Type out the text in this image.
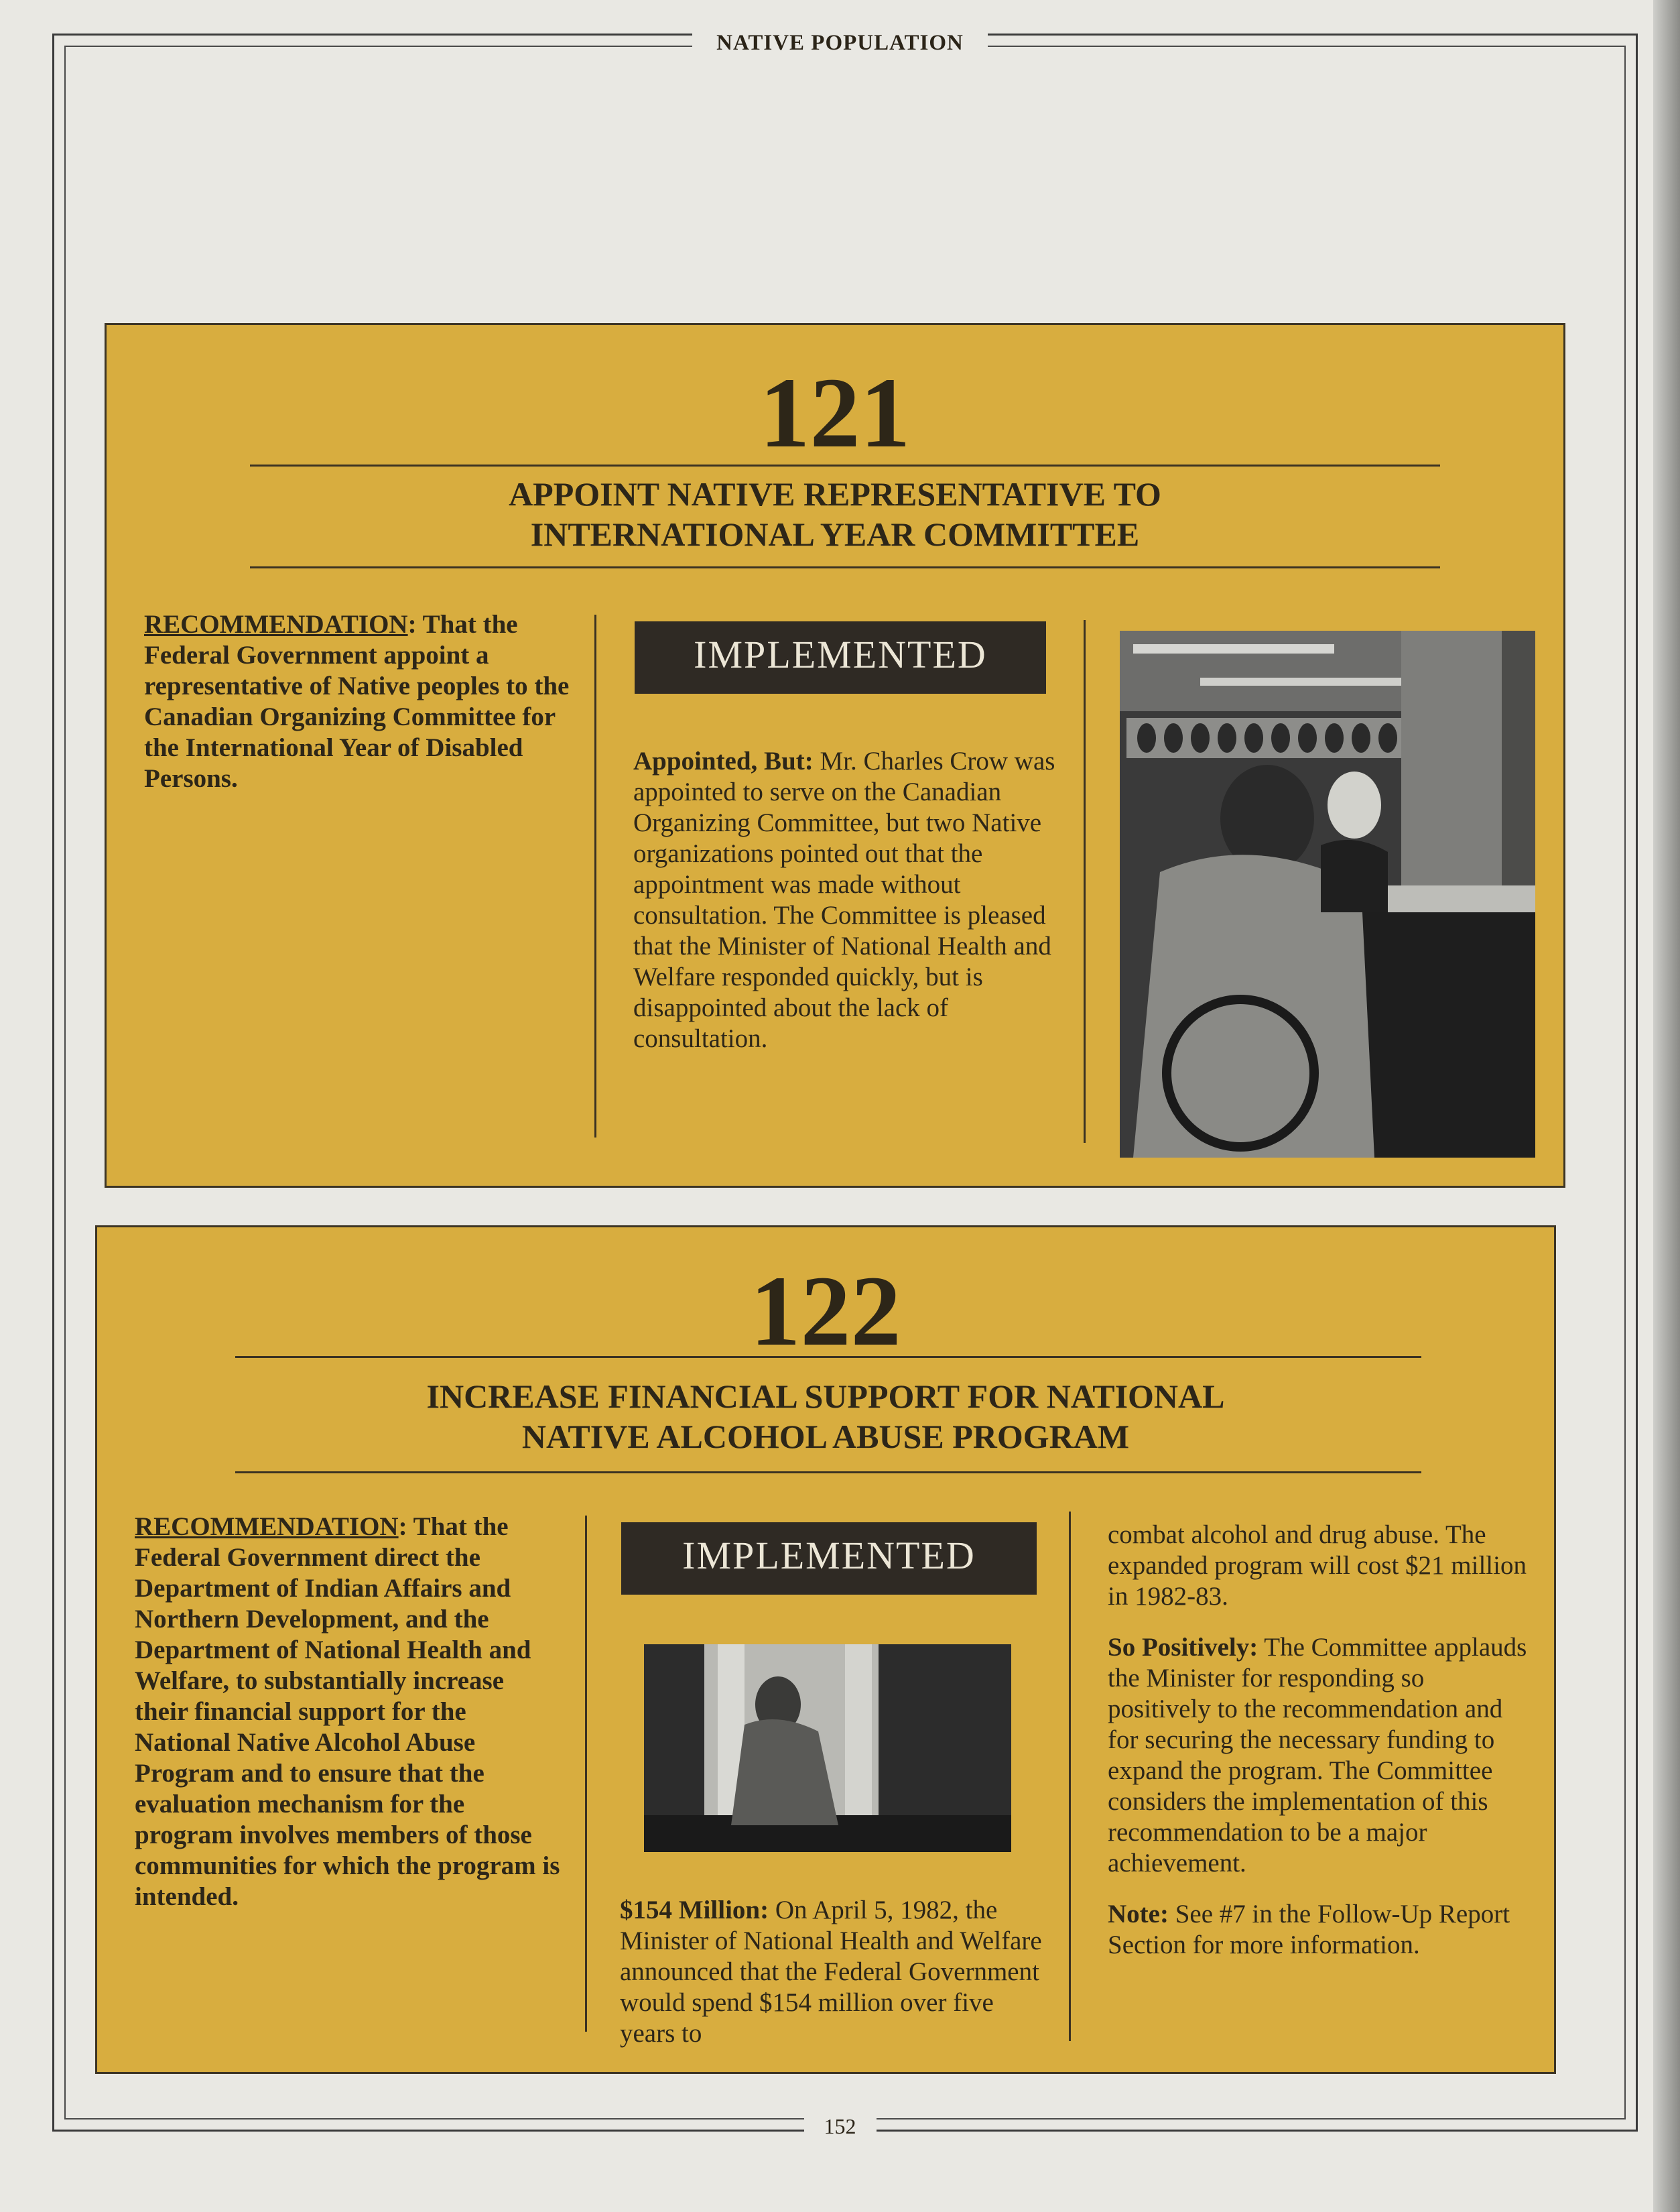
NATIVE POPULATION
121
APPOINT NATIVE REPRESENTATIVE TO
INTERNATIONAL YEAR COMMITTEE
RECOMMENDATION: That the Federal Government appoint a representative of Native peoples to the Canadian Organizing Committee for the International Year of Disabled Persons.
IMPLEMENTED
Appointed, But: Mr. Charles Crow was appointed to serve on the Canadian Organizing Committee, but two Native organizations pointed out that the appointment was made without consultation. The Committee is pleased that the Minister of National Health and Welfare responded quickly, but is disappointed about the lack of consultation.
122
INCREASE FINANCIAL SUPPORT FOR NATIONAL
NATIVE ALCOHOL ABUSE PROGRAM
RECOMMENDATION: That the Federal Government direct the Department of Indian Affairs and Northern Development, and the Department of National Health and Welfare, to substantially increase their financial support for the National Native Alcohol Abuse Program and to ensure that the evaluation mechanism for the program involves members of those communities for which the program is intended.
IMPLEMENTED
$154 Million: On April 5, 1982, the Minister of National Health and Welfare announced that the Federal Government would spend $154 million over five years to

combat alcohol and drug abuse. The expanded program will cost $21 million in 1982-83.

So Positively: The Committee applauds the Minister for responding so positively to the recommendation and for securing the necessary funding to expand the program. The Committee considers the implementation of this recommendation to be a major achievement.

Note: See #7 in the Follow-Up Report Section for more information.

152
